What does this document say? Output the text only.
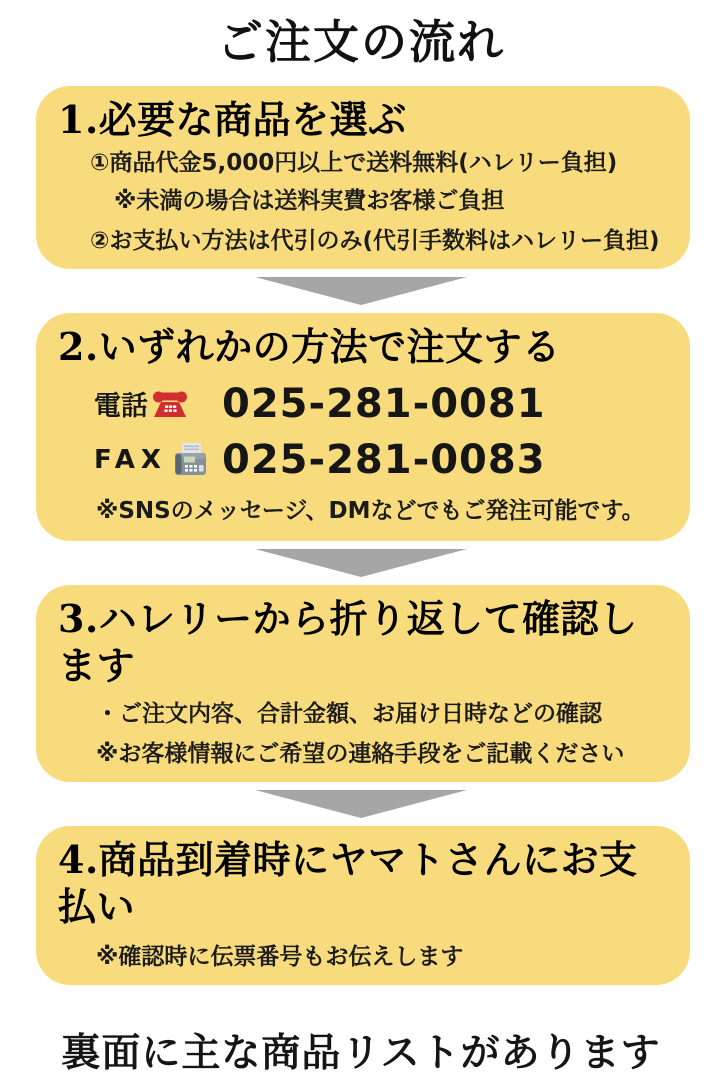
ご注文の流れ
1.必要な商品を選ぶ
①商品代金5,000円以上で送料無料(ハレリー負担)
※未満の場合は送料実費お客様ご負担
②お支払い方法は代引のみ(代引手数料はハレリー負担)
2.いずれかの方法で注文する
電話 025-281-0081
FAX 025-281-0083
※SNSのメッセージ、DMなどでもご発注可能です。
3.ハレリーから折り返して確認します
・ご注文内容、合計金額、お届け日時などの確認
※お客様情報にご希望の連絡手段をご記載ください
4.商品到着時にヤマトさんにお支払い
※確認時に伝票番号もお伝えします
裏面に主な商品リストがあります
